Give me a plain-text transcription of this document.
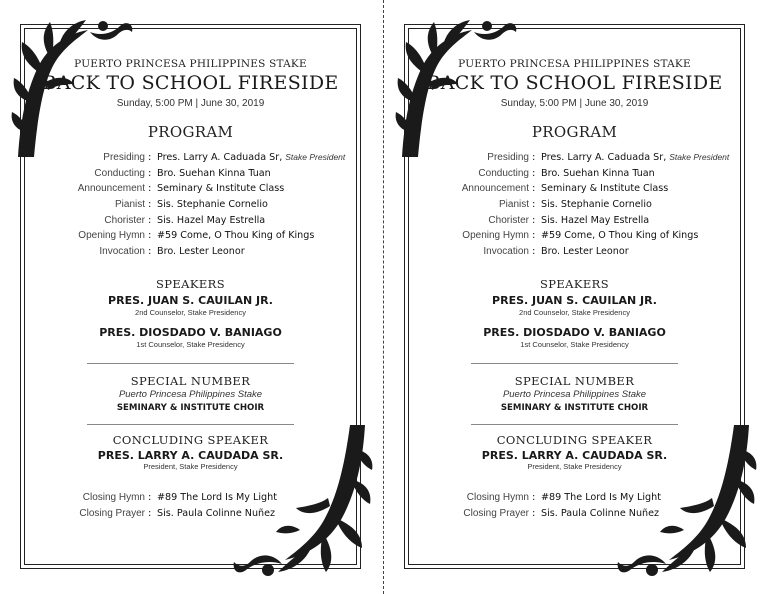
PUERTO PRINCESA PHILIPPINES STAKE
BACK TO SCHOOL FIRESIDE
Sunday, 5:00 PM | June 30, 2019
PROGRAM
Presiding : Pres. Larry A. Caduada Sr, Stake President
Conducting : Bro. Suehan Kinna Tuan
Announcement : Seminary & Institute Class
Pianist : Sis. Stephanie Cornelio
Chorister : Sis. Hazel May Estrella
Opening Hymn : #59 Come, O Thou King of Kings
Invocation : Bro. Lester Leonor
SPEAKERS
PRES. JUAN S. CAUILAN JR.
2nd Counselor, Stake Presidency
PRES. DIOSDADO V. BANIAGO
1st Counselor, Stake Presidency
SPECIAL NUMBER
Puerto Princesa Philippines Stake
SEMINARY & INSTITUTE CHOIR
CONCLUDING SPEAKER
PRES. LARRY A. CAUDADA SR.
President, Stake Presidency
Closing Hymn : #89 The Lord Is My Light
Closing Prayer : Sis. Paula Colinne Nuñez
PUERTO PRINCESA PHILIPPINES STAKE
BACK TO SCHOOL FIRESIDE
Sunday, 5:00 PM | June 30, 2019
PROGRAM
Presiding : Pres. Larry A. Caduada Sr, Stake President
Conducting : Bro. Suehan Kinna Tuan
Announcement : Seminary & Institute Class
Pianist : Sis. Stephanie Cornelio
Chorister : Sis. Hazel May Estrella
Opening Hymn : #59 Come, O Thou King of Kings
Invocation : Bro. Lester Leonor
SPEAKERS
PRES. JUAN S. CAUILAN JR.
2nd Counselor, Stake Presidency
PRES. DIOSDADO V. BANIAGO
1st Counselor, Stake Presidency
SPECIAL NUMBER
Puerto Princesa Philippines Stake
SEMINARY & INSTITUTE CHOIR
CONCLUDING SPEAKER
PRES. LARRY A. CAUDADA SR.
President, Stake Presidency
Closing Hymn : #89 The Lord Is My Light
Closing Prayer : Sis. Paula Colinne Nuñez
